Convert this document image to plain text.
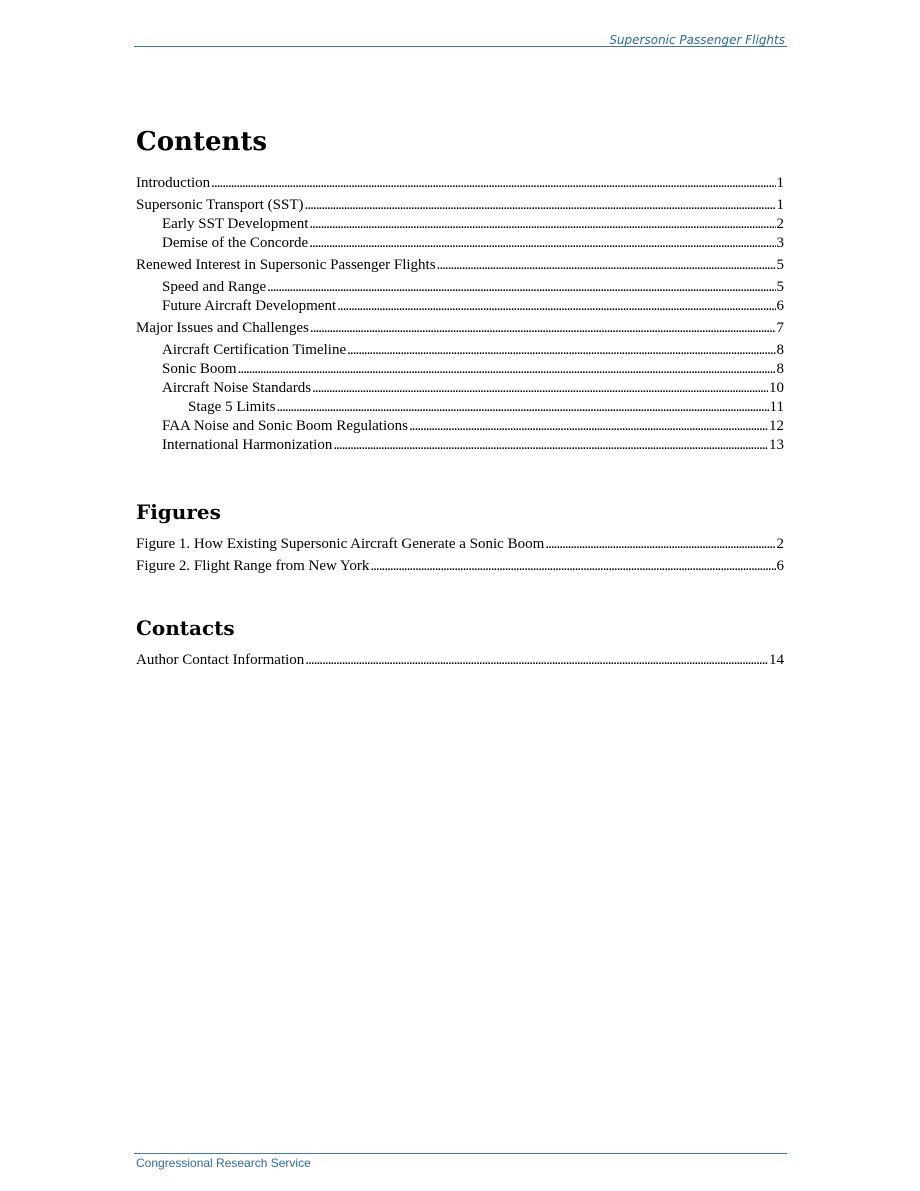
Supersonic Passenger Flights
Contents
Introduction . . .	1
Supersonic Transport (SST) . . .	1
Early SST Development . . .	2
Demise of the Concorde . . .	3
Renewed Interest in Supersonic Passenger Flights . . .	5
Speed and Range . . .	5
Future Aircraft Development . . .	6
Major Issues and Challenges . . .	7
Aircraft Certification Timeline . . .	8
Sonic Boom . . .	8
Aircraft Noise Standards . . .	10
Stage 5 Limits . . .	11
FAA Noise and Sonic Boom Regulations . . .	12
International Harmonization . . .	13
Figures
Figure 1. How Existing Supersonic Aircraft Generate a Sonic Boom . . .	2
Figure 2. Flight Range from New York . . .	6
Contacts
Author Contact Information . . .	14
Congressional Research Service
